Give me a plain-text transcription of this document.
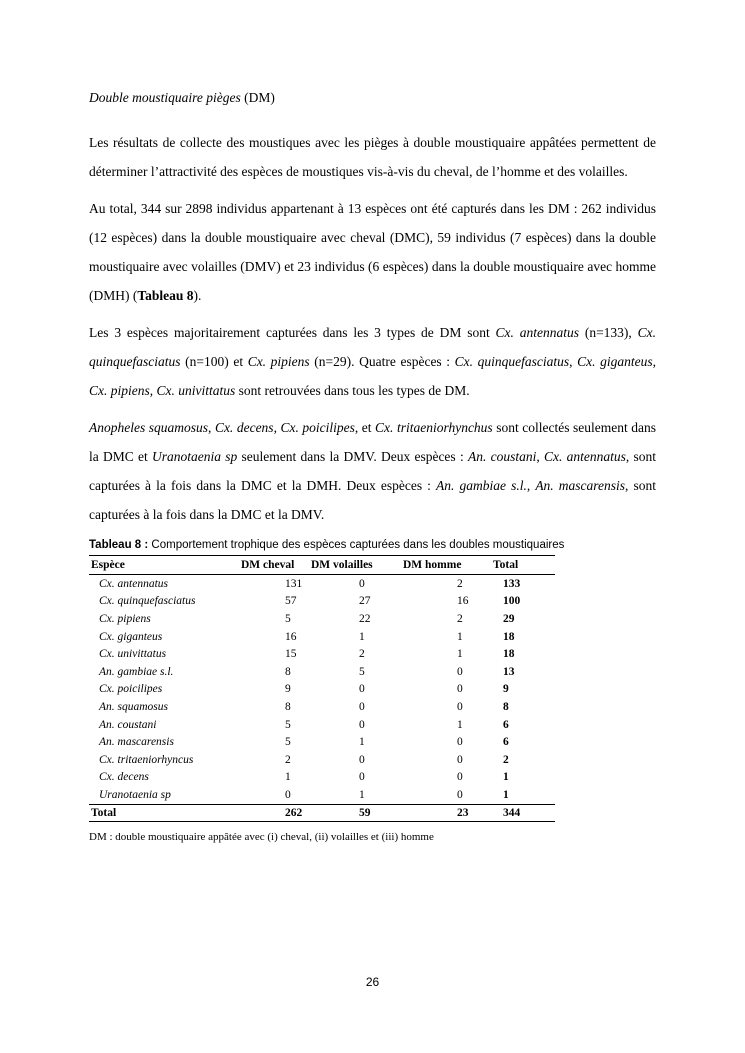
Double moustiquaire pièges (DM)

Les résultats de collecte des moustiques avec les pièges à double moustiquaire appâtées permettent de déterminer l’attractivité des espèces de moustiques vis-à-vis du cheval, de l’homme et des volailles.

Au total, 344 sur 2898 individus appartenant à 13 espèces ont été capturés dans les DM : 262 individus (12 espèces) dans la double moustiquaire avec cheval (DMC), 59 individus (7 espèces) dans la double moustiquaire avec volailles (DMV) et 23 individus (6 espèces) dans la double moustiquaire avec homme (DMH) (Tableau 8).

Les 3 espèces majoritairement capturées dans les 3 types de DM sont Cx. antennatus (n=133), Cx. quinquefasciatus (n=100) et Cx. pipiens (n=29). Quatre espèces : Cx. quinquefasciatus, Cx. giganteus, Cx. pipiens, Cx. univittatus sont retrouvées dans tous les types de DM.

Anopheles squamosus, Cx. decens, Cx. poicilipes, et Cx. tritaeniorhynchus sont collectés seulement dans la DMC et Uranotaenia sp seulement dans la DMV. Deux espèces : An. coustani, Cx. antennatus, sont capturées à la fois dans la DMC et la DMH. Deux espèces : An. gambiae s.l., An. mascarensis, sont capturées à la fois dans la DMC et la DMV.

Tableau 8 : Comportement trophique des espèces capturées dans les doubles moustiquaires
Espèce	DM cheval	DM volailles	DM homme	Total
Cx. antennatus	131	0	2	133
Cx. quinquefasciatus	57	27	16	100
Cx. pipiens	5	22	2	29
Cx. giganteus	16	1	1	18
Cx. univittatus	15	2	1	18
An. gambiae s.l.	8	5	0	13
Cx. poicilipes	9	0	0	9
An. squamosus	8	0	0	8
An. coustani	5	0	1	6
An. mascarensis	5	1	0	6
Cx. tritaeniorhyncus	2	0	0	2
Cx. decens	1	0	0	1
Uranotaenia sp	0	1	0	1
Total	262	59	23	344
DM : double moustiquaire appâtée avec (i) cheval, (ii) volailles et (iii) homme
26
